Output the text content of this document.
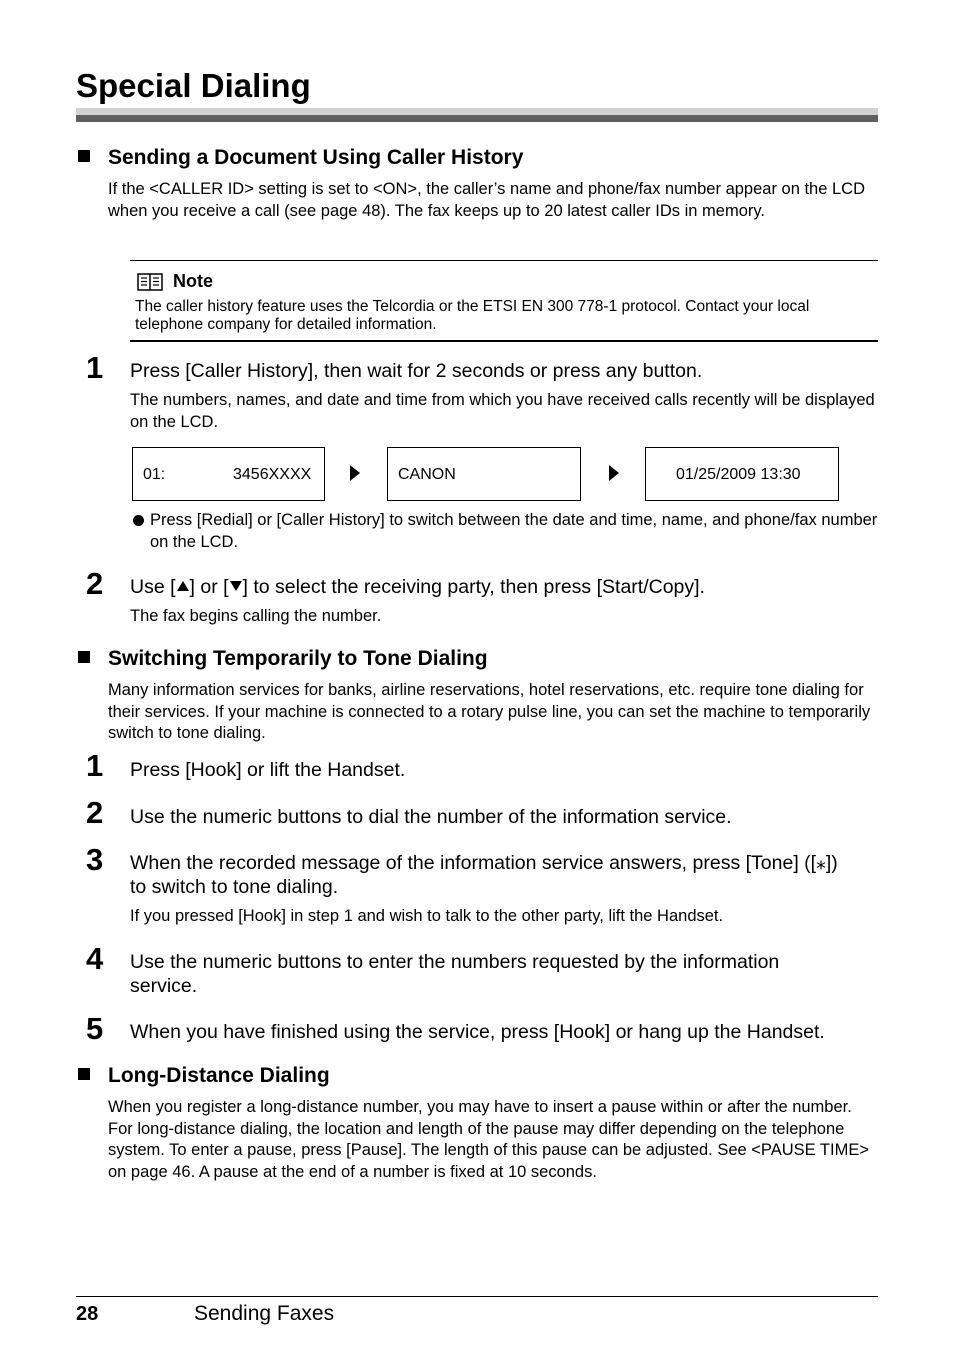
Special Dialing
Sending a Document Using Caller History
If the <CALLER ID> setting is set to <ON>, the caller’s name and phone/fax number appear on the LCD when you receive a call (see page 48). The fax keeps up to 20 latest caller IDs in memory.
Note
The caller history feature uses the Telcordia or the ETSI EN 300 778-1 protocol. Contact your local telephone company for detailed information.
1 Press [Caller History], then wait for 2 seconds or press any button.
The numbers, names, and date and time from which you have received calls recently will be displayed on the LCD.
01:	3456XXXX	CANON	01/25/2009 13:30
Press [Redial] or [Caller History] to switch between the date and time, name, and phone/fax number on the LCD.
2 Use [ ] or [ ] to select the receiving party, then press [Start/Copy].
The fax begins calling the number.
Switching Temporarily to Tone Dialing
Many information services for banks, airline reservations, hotel reservations, etc. require tone dialing for their services. If your machine is connected to a rotary pulse line, you can set the machine to temporarily switch to tone dialing.
1 Press [Hook] or lift the Handset.
2 Use the numeric buttons to dial the number of the information service.
3 When the recorded message of the information service answers, press [Tone] ([⁎])
to switch to tone dialing.
If you pressed [Hook] in step 1 and wish to talk to the other party, lift the Handset.
4 Use the numeric buttons to enter the numbers requested by the information service.
5 When you have finished using the service, press [Hook] or hang up the Handset.
Long-Distance Dialing
When you register a long-distance number, you may have to insert a pause within or after the number. For long-distance dialing, the location and length of the pause may differ depending on the telephone system. To enter a pause, press [Pause]. The length of this pause can be adjusted. See <PAUSE TIME> on page 46. A pause at the end of a number is fixed at 10 seconds.
28	Sending Faxes
